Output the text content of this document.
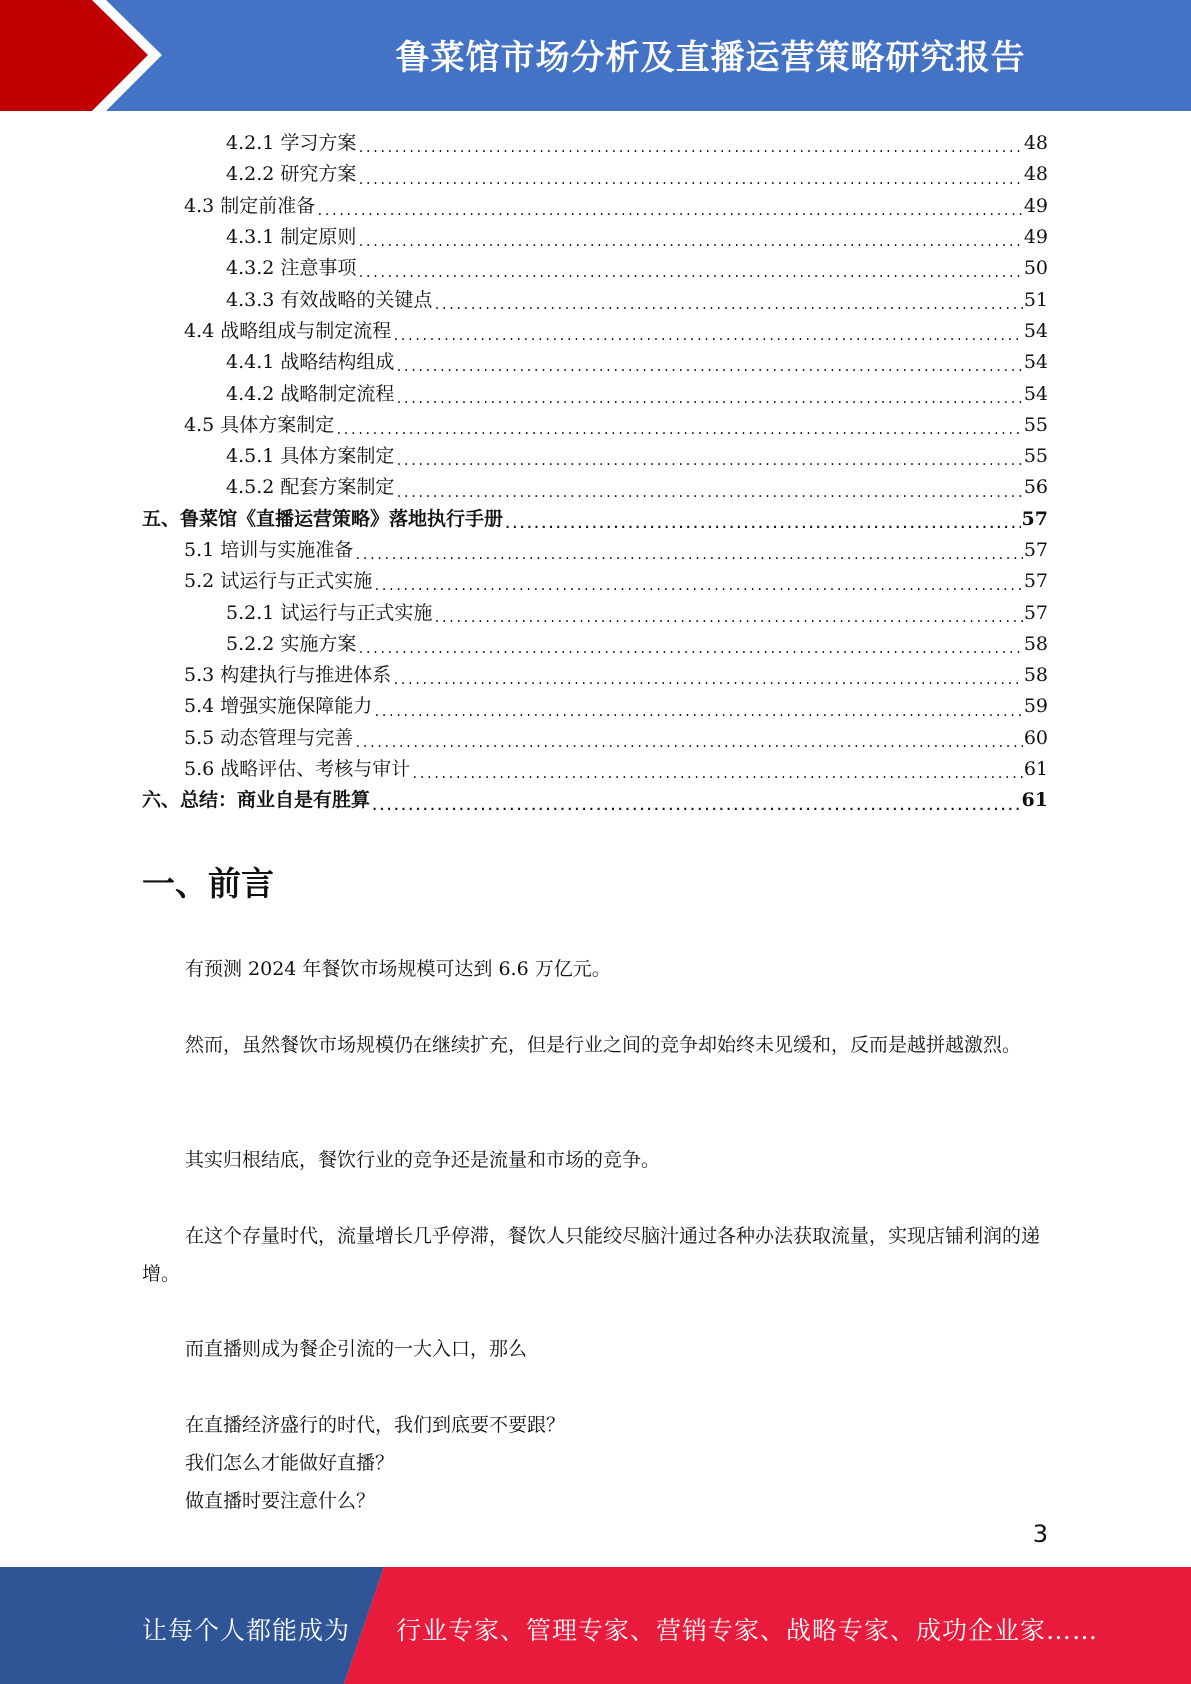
鲁菜馆市场分析及直播运营策略研究报告
4.2.1 学习方案 .....	48
4.2.2 研究方案 .....	48
4.3 制定前准备 .....	49
4.3.1 制定原则 .....	49
4.3.2 注意事项 .....	50
4.3.3 有效战略的关键点 .....	51
4.4 战略组成与制定流程 .....	54
4.4.1 战略结构组成 .....	54
4.4.2 战略制定流程 .....	54
4.5 具体方案制定 .....	55
4.5.1 具体方案制定 .....	55
4.5.2 配套方案制定 .....	56
五、鲁菜馆《直播运营策略》落地执行手册 .....	57
5.1 培训与实施准备 .....	57
5.2 试运行与正式实施 .....	57
5.2.1 试运行与正式实施 .....	57
5.2.2 实施方案 .....	58
5.3 构建执行与推进体系 .....	58
5.4 增强实施保障能力 .....	59
5.5 动态管理与完善 .....	60
5.6 战略评估、考核与审计 .....	61
六、总结：商业自是有胜算 .....	61
一、前言

有预测 2024 年餐饮市场规模可达到 6.6 万亿元。

然而，虽然餐饮市场规模仍在继续扩充，但是行业之间的竞争却始终未见缓和，反而是越拼越激烈。

其实归根结底，餐饮行业的竞争还是流量和市场的竞争。

在这个存量时代，流量增长几乎停滞，餐饮人只能绞尽脑汁通过各种办法获取流量，实现店铺利润的递增。

而直播则成为餐企引流的一大入口，那么

在直播经济盛行的时代，我们到底要不要跟？

我们怎么才能做好直播？

做直播时要注意什么？

3
让每个人都能成为 行业专家、管理专家、营销专家、战略专家、成功企业家……
